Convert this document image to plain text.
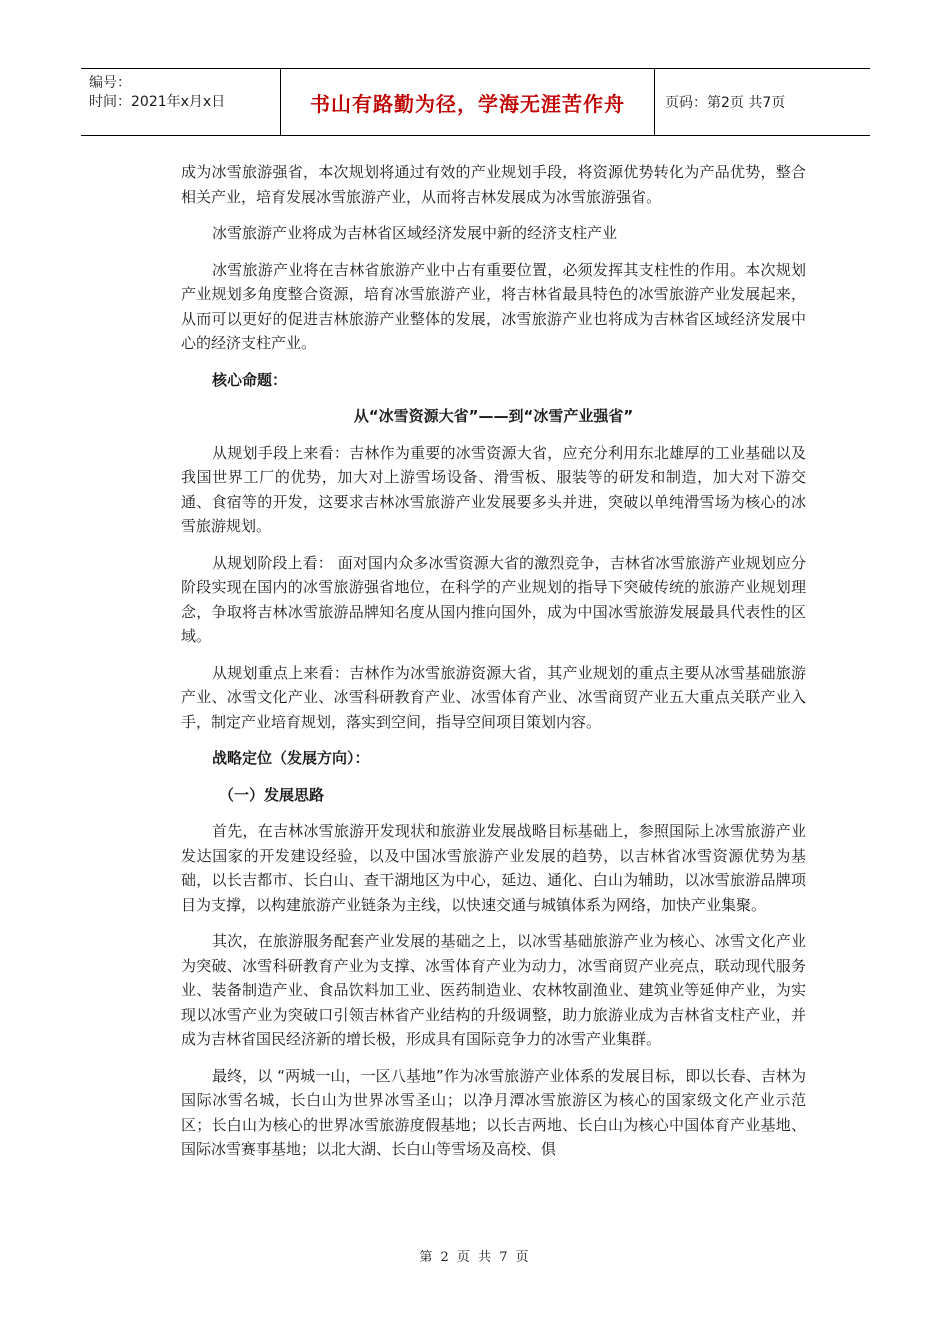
编号：
时间：2021年x月x日	书山有路勤为径，学海无涯苦作舟	页码：第2页 共7页

成为冰雪旅游强省，本次规划将通过有效的产业规划手段，将资源优势转化为产品优势，整合相关产业，培育发展冰雪旅游产业，从而将吉林发展成为冰雪旅游强省。

冰雪旅游产业将成为吉林省区域经济发展中新的经济支柱产业

冰雪旅游产业将在吉林省旅游产业中占有重要位置，必须发挥其支柱性的作用。本次规划产业规划多角度整合资源，培育冰雪旅游产业，将吉林省最具特色的冰雪旅游产业发展起来，从而可以更好的促进吉林旅游产业整体的发展，冰雪旅游产业也将成为吉林省区域经济发展中心的经济支柱产业。

核心命题：

从“冰雪资源大省”——到“冰雪产业强省”

从规划手段上来看：吉林作为重要的冰雪资源大省，应充分利用东北雄厚的工业基础以及我国世界工厂的优势，加大对上游雪场设备、滑雪板、服装等的研发和制造，加大对下游交通、食宿等的开发，这要求吉林冰雪旅游产业发展要多头并进，突破以单纯滑雪场为核心的冰雪旅游规划。

从规划阶段上看： 面对国内众多冰雪资源大省的激烈竞争，吉林省冰雪旅游产业规划应分阶段实现在国内的冰雪旅游强省地位，在科学的产业规划的指导下突破传统的旅游产业规划理念，争取将吉林冰雪旅游品牌知名度从国内推向国外，成为中国冰雪旅游发展最具代表性的区域。

从规划重点上来看：吉林作为冰雪旅游资源大省，其产业规划的重点主要从冰雪基础旅游产业、冰雪文化产业、冰雪科研教育产业、冰雪体育产业、冰雪商贸产业五大重点关联产业入手，制定产业培育规划，落实到空间，指导空间项目策划内容。

战略定位（发展方向）：

（一）发展思路

首先，在吉林冰雪旅游开发现状和旅游业发展战略目标基础上，参照国际上冰雪旅游产业发达国家的开发建设经验，以及中国冰雪旅游产业发展的趋势，以吉林省冰雪资源优势为基础，以长吉都市、长白山、查干湖地区为中心，延边、通化、白山为辅助，以冰雪旅游品牌项目为支撑，以构建旅游产业链条为主线，以快速交通与城镇体系为网络，加快产业集聚。

其次，在旅游服务配套产业发展的基础之上，以冰雪基础旅游产业为核心、冰雪文化产业为突破、冰雪科研教育产业为支撑、冰雪体育产业为动力，冰雪商贸产业亮点，联动现代服务业、装备制造产业、食品饮料加工业、医药制造业、农林牧副渔业、建筑业等延伸产业，为实现以冰雪产业为突破口引领吉林省产业结构的升级调整，助力旅游业成为吉林省支柱产业，并成为吉林省国民经济新的增长极，形成具有国际竞争力的冰雪产业集群。

最终，以 “两城一山，一区八基地”作为冰雪旅游产业体系的发展目标，即以长春、吉林为国际冰雪名城，长白山为世界冰雪圣山；以净月潭冰雪旅游区为核心的国家级文化产业示范区；长白山为核心的世界冰雪旅游度假基地；以长吉两地、长白山为核心中国体育产业基地、国际冰雪赛事基地；以北大湖、长白山等雪场及高校、俱

第 2 页 共 7 页
